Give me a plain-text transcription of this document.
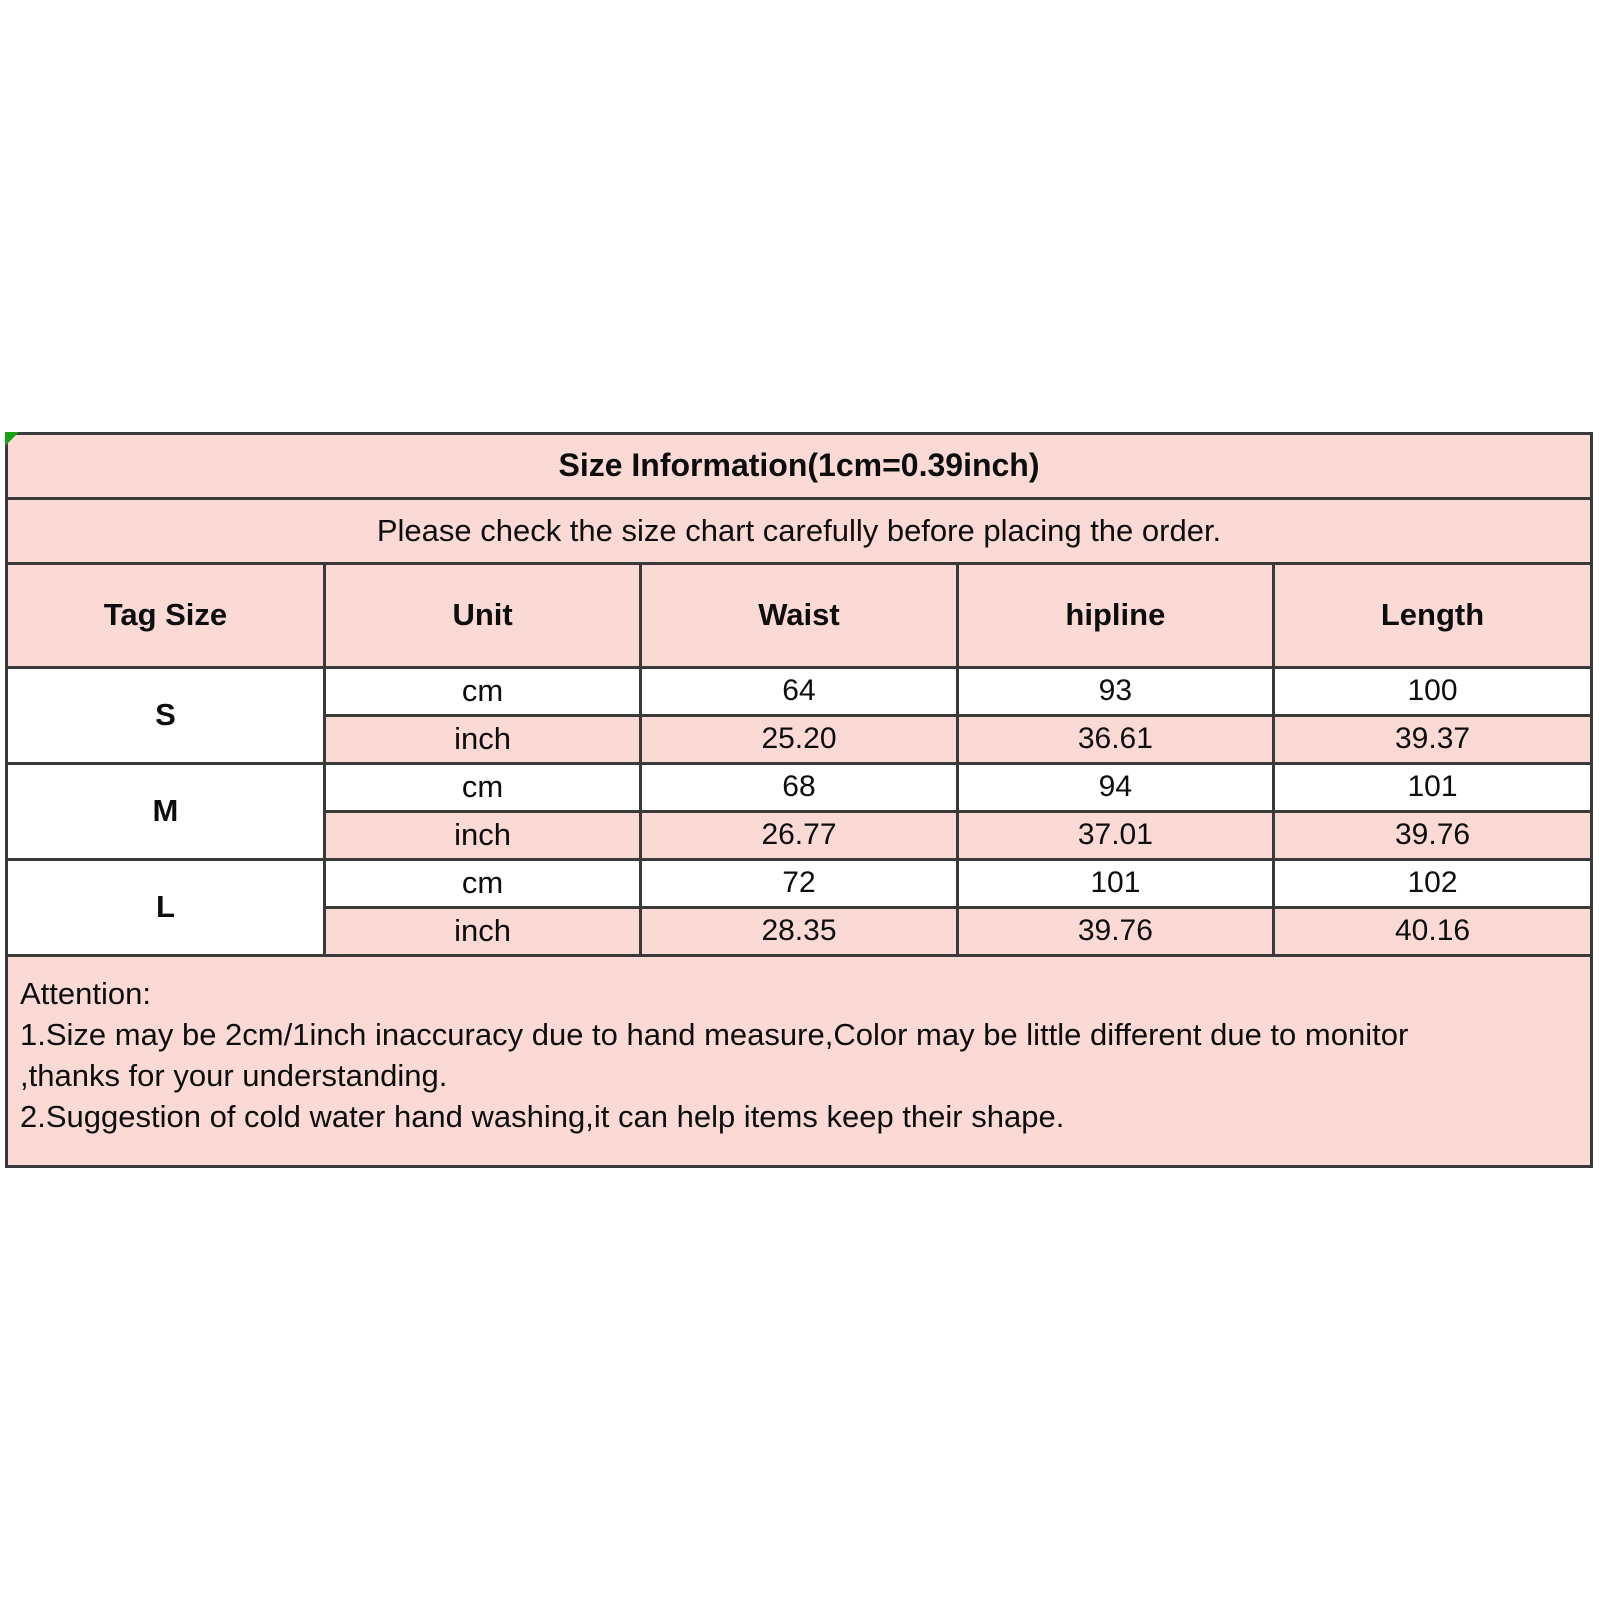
Size Information(1cm=0.39inch)
Please check the size chart carefully before placing the order.
Tag Size	Unit	Waist	hipline	Length
S	cm	64	93	100
	inch	25.20	36.61	39.37
M	cm	68	94	101
	inch	26.77	37.01	39.76
L	cm	72	101	102
	inch	28.35	39.76	40.16
Attention:
1.Size may be 2cm/1inch inaccuracy due to hand measure,Color may be little different due to monitor
,thanks for your understanding.
2.Suggestion of cold water hand washing,it can help items keep their shape.
